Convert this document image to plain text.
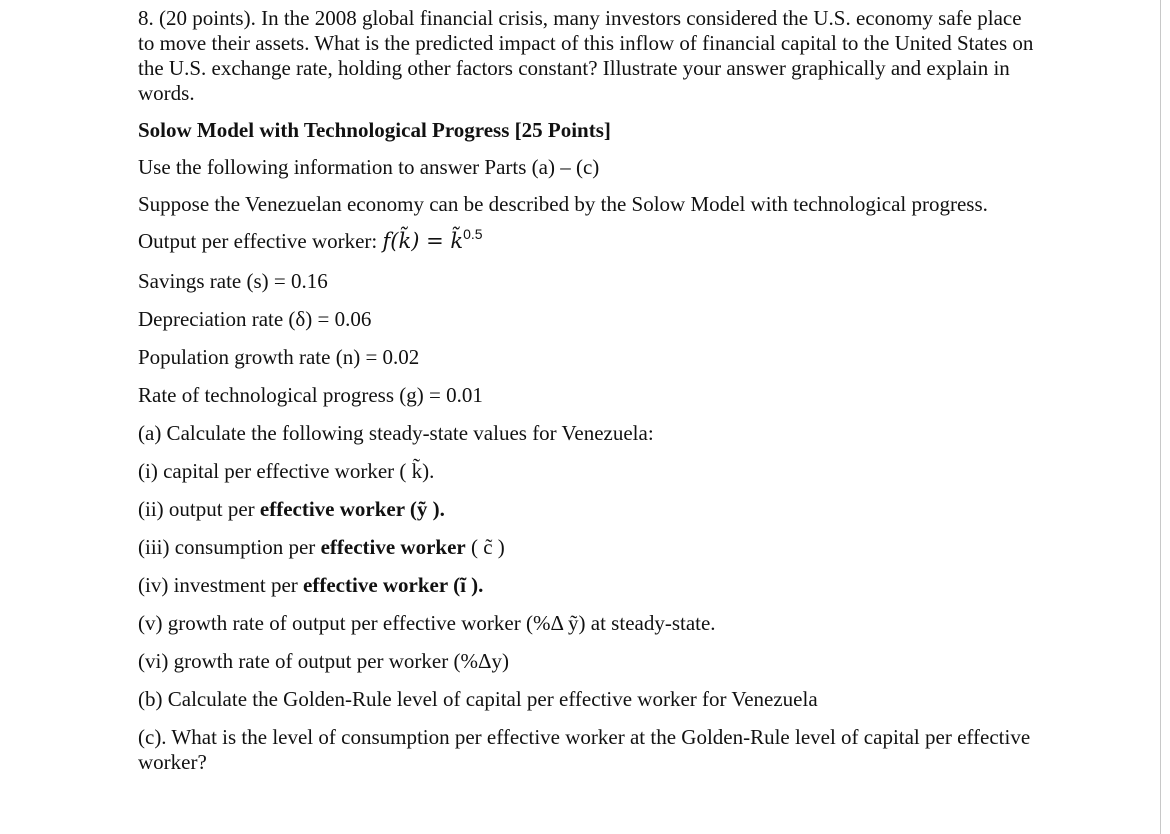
8. (20 points). In the 2008 global financial crisis, many investors considered the U.S. economy safe place to move their assets. What is the predicted impact of this inflow of financial capital to the United States on the U.S. exchange rate, holding other factors constant? Illustrate your answer graphically and explain in words.

Solow Model with Technological Progress [25 Points]

Use the following information to answer Parts (a) – (c)

Suppose the Venezuelan economy can be described by the Solow Model with technological progress.

Output per effective worker: f(k̃) = k̃$^{0.5}$

Savings rate (s) = 0.16

Depreciation rate (δ) = 0.06

Population growth rate (n) = 0.02

Rate of technological progress (g) = 0.01

(a) Calculate the following steady-state values for Venezuela:

(i) capital per effective worker ( k̃).

(ii) output per effective worker (ỹ ).

(iii) consumption per effective worker ( c̃ )

(iv) investment per effective worker (ĩ ).

(v) growth rate of output per effective worker (%Δ ỹ) at steady-state.

(vi) growth rate of output per worker (%Δy)

(b) Calculate the Golden-Rule level of capital per effective worker for Venezuela

(c). What is the level of consumption per effective worker at the Golden-Rule level of capital per effective worker?
